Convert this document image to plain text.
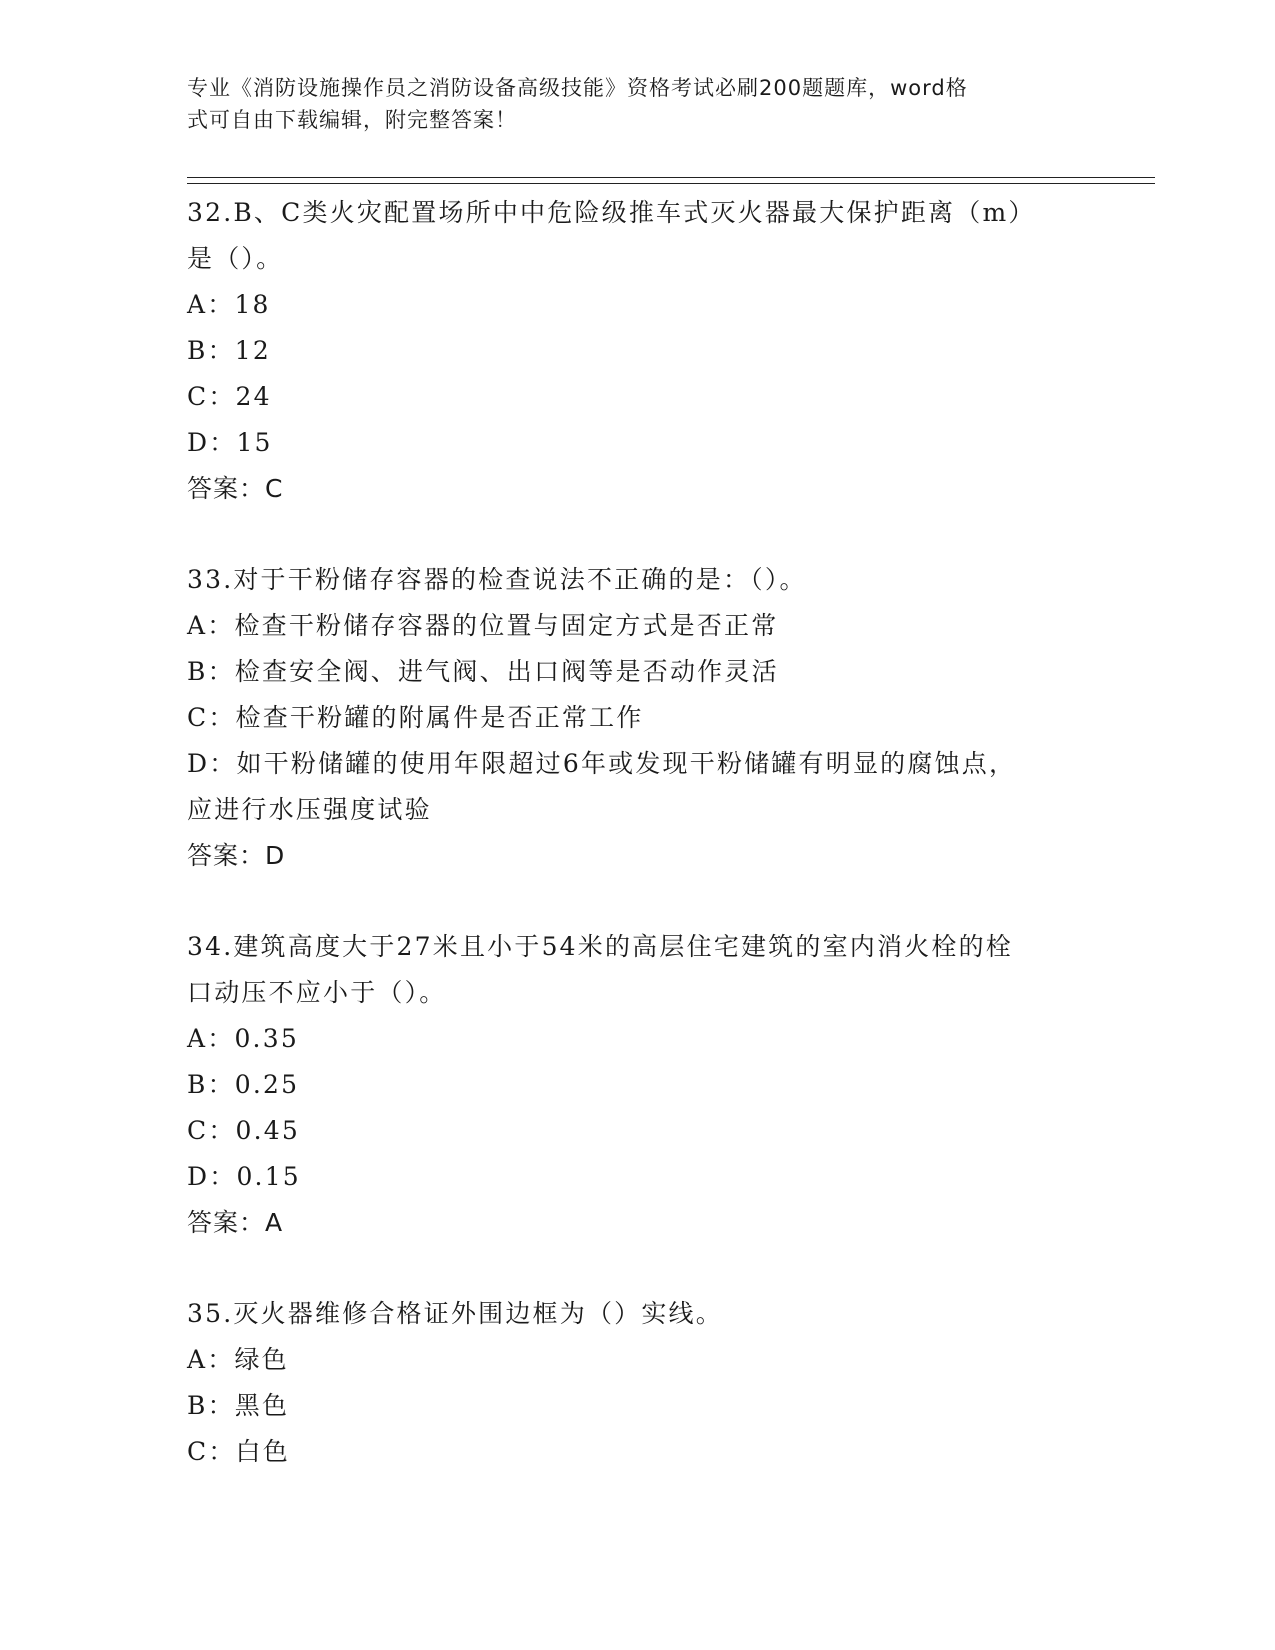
专业《消防设施操作员之消防设备高级技能》资格考试必刷200题题库，word格
式可自由下载编辑，附完整答案！

32.B、C类火灾配置场所中中危险级推车式灭火器最大保护距离（m）

是（）。

A：18

B：12

C：24

D：15

答案：C

33.对于干粉储存容器的检查说法不正确的是：（）。

A：检查干粉储存容器的位置与固定方式是否正常

B：检查安全阀、进气阀、出口阀等是否动作灵活

C：检查干粉罐的附属件是否正常工作

D：如干粉储罐的使用年限超过6年或发现干粉储罐有明显的腐蚀点，

应进行水压强度试验

答案：D

34.建筑高度大于27米且小于54米的高层住宅建筑的室内消火栓的栓

口动压不应小于（）。

A：0.35

B：0.25

C：0.45

D：0.15

答案：A

35.灭火器维修合格证外围边框为（）实线。

A：绿色

B：黑色

C：白色
